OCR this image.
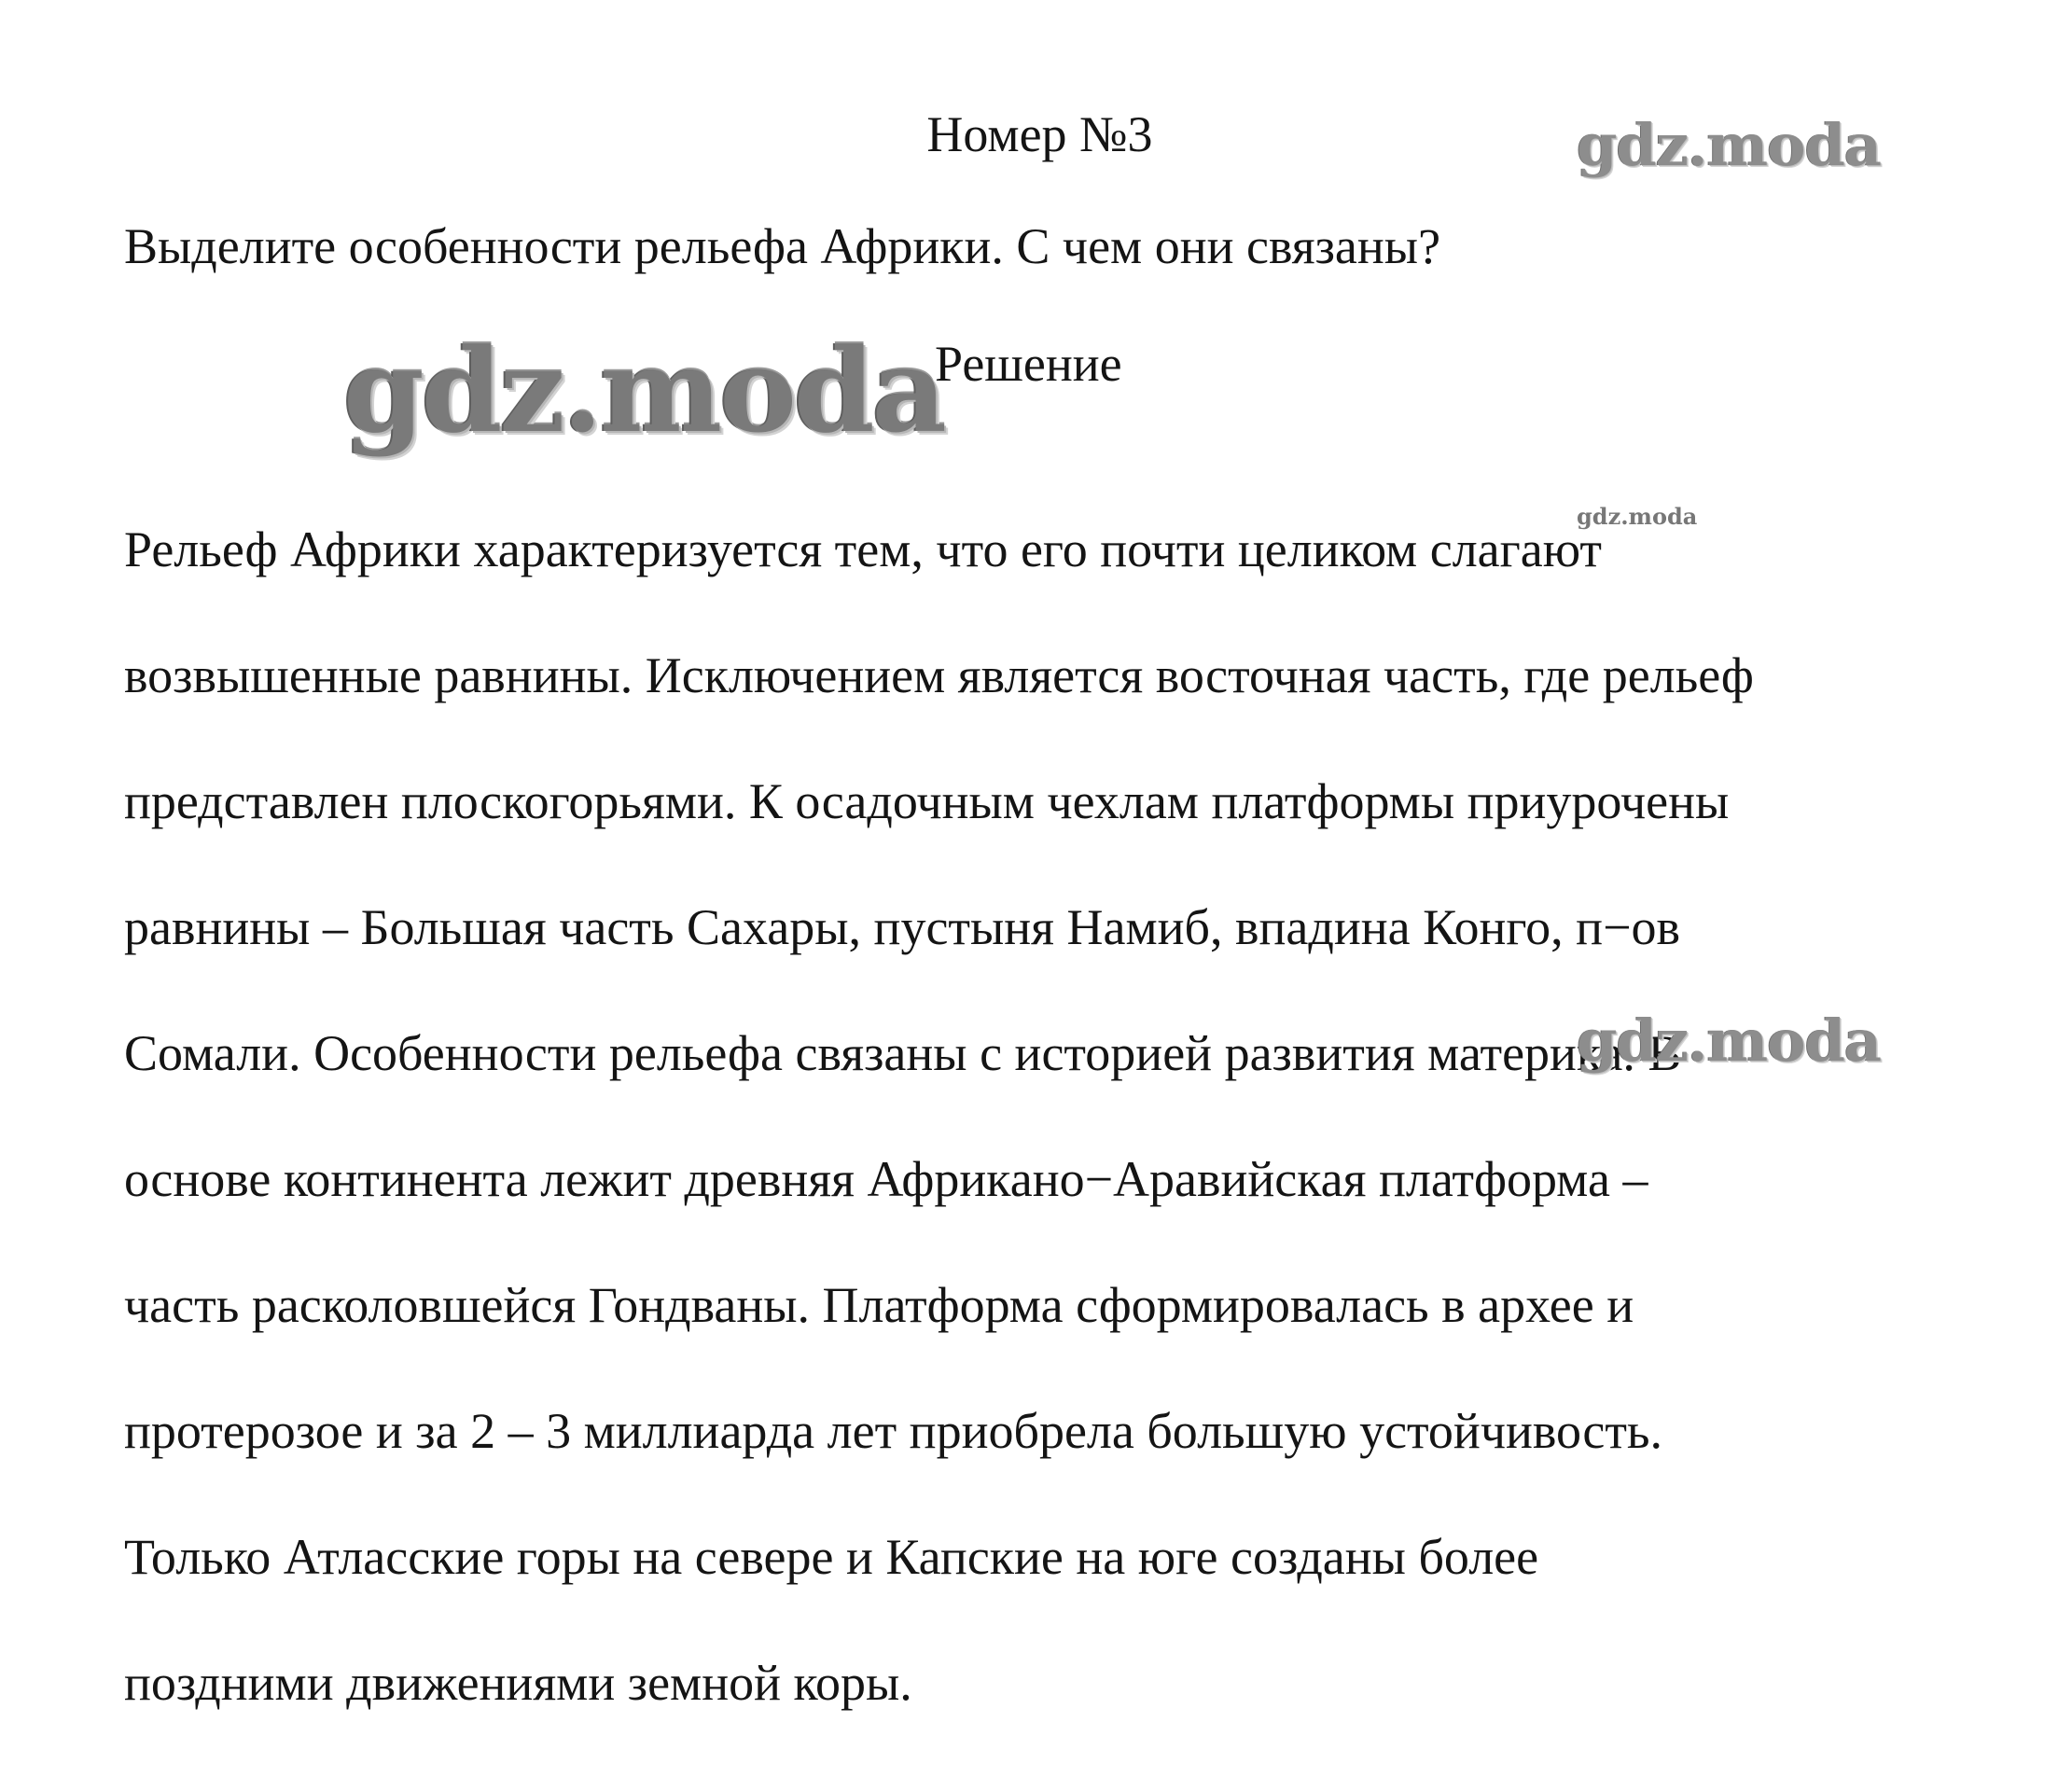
Номер №3	gdz.moda
Выделите особенности рельефа Африки. С чем они связаны?
gdz.moda
Решение

Рельеф Африки характеризуется тем, что его почти целиком слагают

возвышенные равнины. Исключением является восточная часть, где рельеф

представлен плоскогорьями. К осадочным чехлам платформы приурочены

равнины – Большая часть Сахары, пустыня Намиб, впадина Конго, п−ов

Сомали. Особенности рельефа связаны с историей развития материка. В

основе континента лежит древняя Африкано−Аравийская платформа –

часть расколовшейся Гондваны. Платформа сформировалась в архее и

протерозое и за 2 – 3 миллиарда лет приобрела большую устойчивость.

Только Атласские горы на севере и Капские на юге созданы более

поздними движениями земной коры.

gdz.moda
gdz.moda
